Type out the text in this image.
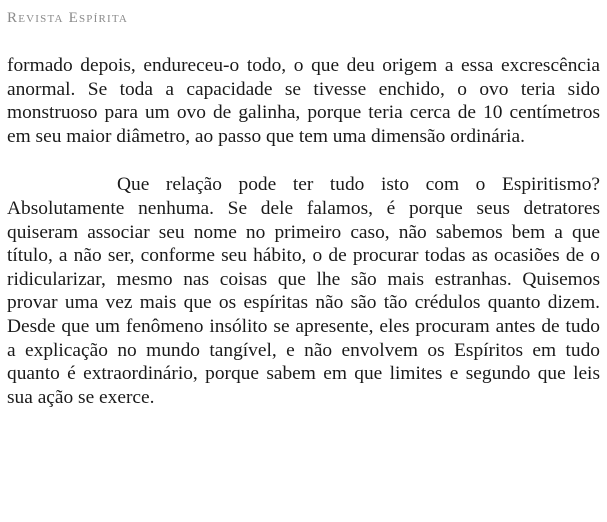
Revista Espírita

formado depois, endureceu-o todo, o que deu origem a essa excrescência anormal. Se toda a capacidade se tivesse enchido, o ovo teria sido monstruoso para um ovo de galinha, porque teria cerca de 10 centímetros em seu maior diâmetro, ao passo que tem uma dimensão ordinária.

Que relação pode ter tudo isto com o Espiritismo? Absolutamente nenhuma. Se dele falamos, é porque seus detratores quiseram associar seu nome no primeiro caso, não sabemos bem a que título, a não ser, conforme seu hábito, o de procurar todas as ocasiões de o ridicularizar, mesmo nas coisas que lhe são mais estranhas. Quisemos provar uma vez mais que os espíritas não são tão crédulos quanto dizem. Desde que um fenômeno insólito se apresente, eles procuram antes de tudo a explicação no mundo tangível, e não envolvem os Espíritos em tudo quanto é extraordinário, porque sabem em que limites e segundo que leis sua ação se exerce.
